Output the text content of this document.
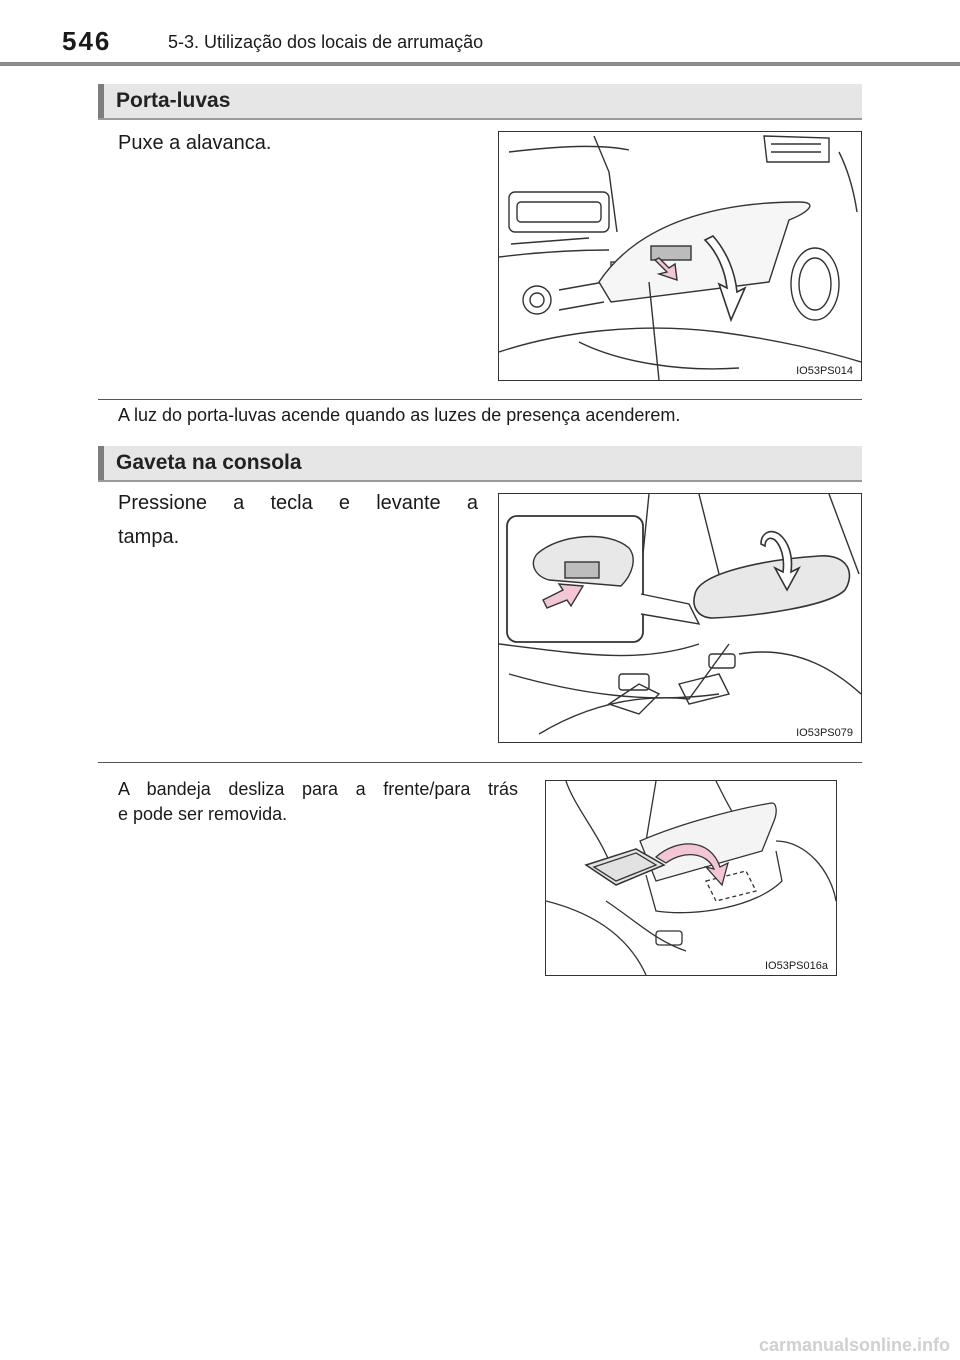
546	5-3. Utilização dos locais de arrumação
Porta-luvas
Puxe a alavanca.
IO53PS014
A luz do porta-luvas acende quando as luzes de presença acenderem.
Gaveta na consola
Pressione a tecla e levante a
tampa.
IO53PS079
A bandeja desliza para a frente/para trás
e pode ser removida.
IO53PS016a
carmanualsonline.info
